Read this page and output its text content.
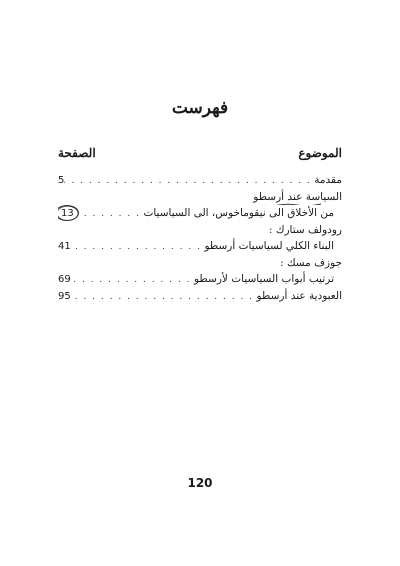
فهرست
الموضوع
الصفحة
مقدمة
. . .
5
السياسة عند أرسطو
من الأخلاق الى نيقوماخوس، الى السياسيات
. . .
13
رودولف ستارك :
البناء الكلي لسياسيات أرسطو
. . .
41
جوزف مسك :
ترتيب أبواب السياسيات لأرسطو
. . .
69
العبودية عند أرسطو
. . .
95
120
